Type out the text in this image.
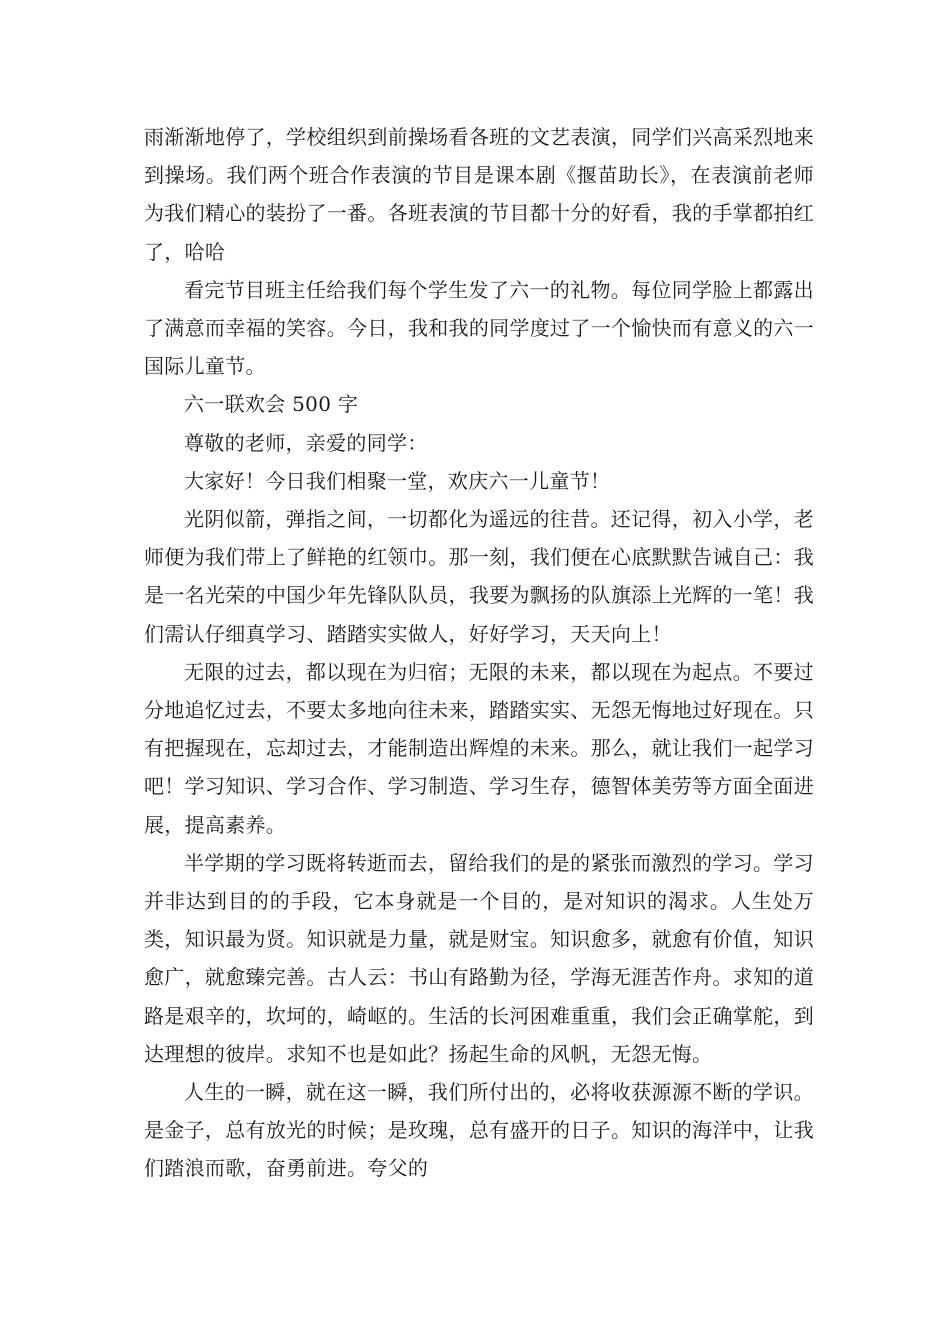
雨渐渐地停了，学校组织到前操场看各班的文艺表演，同学们兴高采烈地来到操场。我们两个班合作表演的节目是课本剧《揠苗助长》，在表演前老师为我们精心的装扮了一番。各班表演的节目都十分的好看，我的手掌都拍红了，哈哈

看完节目班主任给我们每个学生发了六一的礼物。每位同学脸上都露出了满意而幸福的笑容。今日，我和我的同学度过了一个愉快而有意义的六一国际儿童节。

六一联欢会 500 字

尊敬的老师，亲爱的同学：

大家好！今日我们相聚一堂，欢庆六一儿童节！

光阴似箭，弹指之间，一切都化为遥远的往昔。还记得，初入小学，老师便为我们带上了鲜艳的红领巾。那一刻，我们便在心底默默告诫自己：我是一名光荣的中国少年先锋队队员，我要为飘扬的队旗添上光辉的一笔！我们需认仔细真学习、踏踏实实做人，好好学习，天天向上！

无限的过去，都以现在为归宿；无限的未来，都以现在为起点。不要过分地追忆过去，不要太多地向往未来，踏踏实实、无怨无悔地过好现在。只有把握现在，忘却过去，才能制造出辉煌的未来。那么，就让我们一起学习吧！学习知识、学习合作、学习制造、学习生存，德智体美劳等方面全面进展，提高素养。

半学期的学习既将转逝而去，留给我们的是的紧张而激烈的学习。学习并非达到目的的手段，它本身就是一个目的，是对知识的渴求。人生处万类，知识最为贤。知识就是力量，就是财宝。知识愈多，就愈有价值，知识愈广，就愈臻完善。古人云：书山有路勤为径，学海无涯苦作舟。求知的道路是艰辛的，坎坷的，崎岖的。生活的长河困难重重，我们会正确掌舵，到达理想的彼岸。求知不也是如此？扬起生命的风帆，无怨无悔。

人生的一瞬，就在这一瞬，我们所付出的，必将收获源源不断的学识。是金子，总有放光的时候；是玫瑰，总有盛开的日子。知识的海洋中，让我们踏浪而歌，奋勇前进。夸父的
